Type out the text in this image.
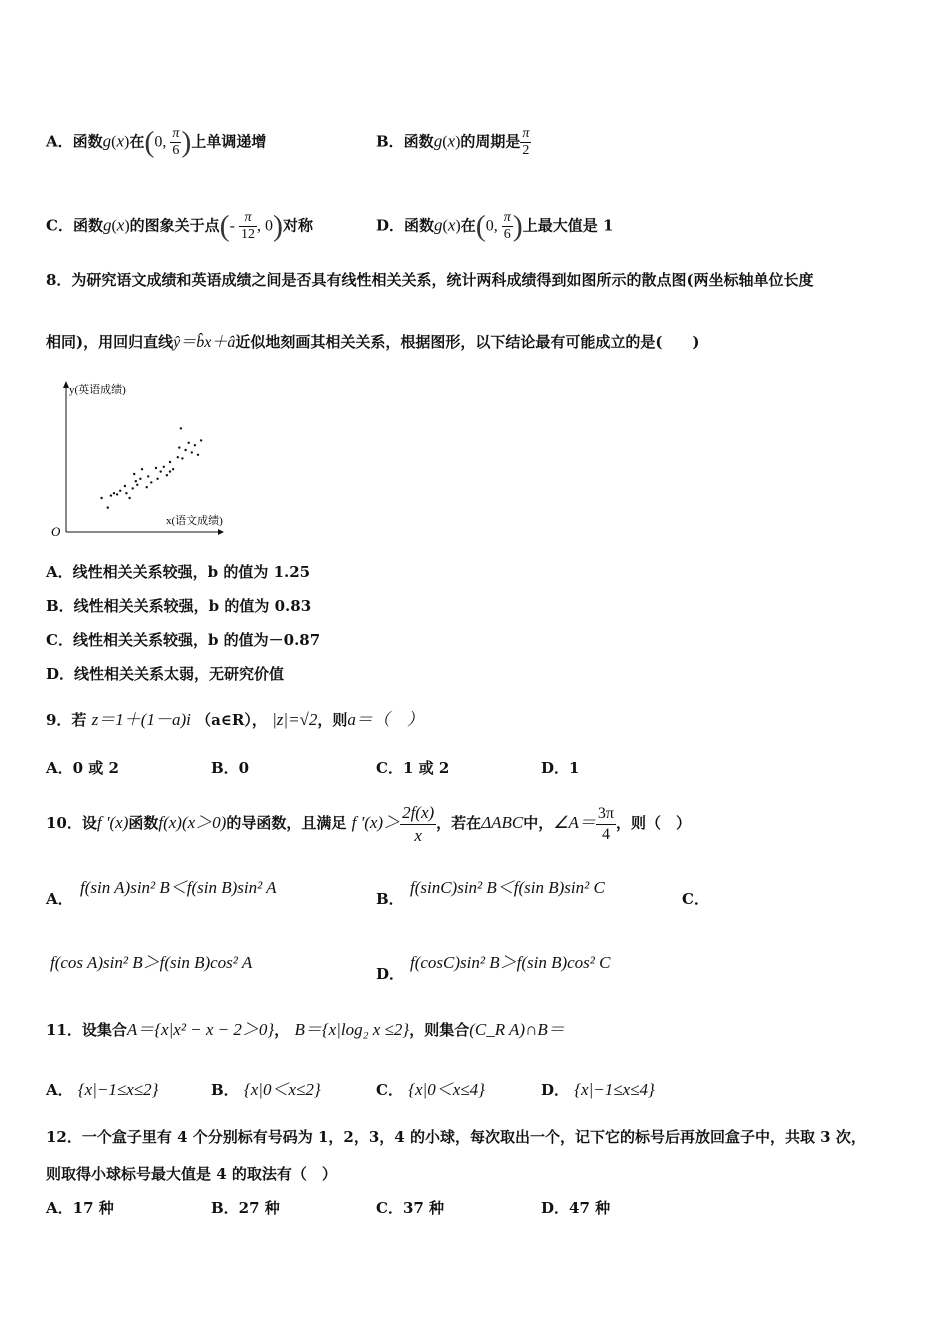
A．函数g(x)在(0, $\frac{\pi}{6}$ )上单调递增	B．函数g(x)的周期是 $\frac{\pi}{2}$
C．函数g(x)的图象关于点(- $\frac{\pi}{12}$ , 0)对称	D．函数g(x)在(0, $\frac{\pi}{6}$ )上最大值是 1
8．为研究语文成绩和英语成绩之间是否具有线性相关关系，统计两科成绩得到如图所示的散点图(两坐标轴单位长度
相同)，用回归直线ŷ＝b̂x＋â近似地刻画其相关关系，根据图形，以下结论最有可能成立的是(　　)
y(英语成绩)
x(语文成绩)
O
A．线性相关关系较强，b 的值为 1.25
B．线性相关关系较强，b 的值为 0.83
C．线性相关关系较强，b 的值为－0.87
D．线性相关关系太弱，无研究价值
9．若 z＝1＋(1－a)i （a∈R）， |z|=√2，则a＝（　）
A．0 或 2	B．0	C．1 或 2	D．1
10．设f '(x)函数f(x)(x＞0)的导函数，且满足 f '$(x)> \frac{2f(x)}{x}$ ，若在ΔABC中，∠A＝ $\frac{3\pi}{4}$ ，则（　）
A．
f(sin A)sin² B＜f(sin B)sin² A
B．
f(sinC)sin² B＜f(sin B)sin² C
C．
f(cos A)sin² B＞f(sin B)cos² A
D．
f(cosC)sin² B＞f(sin B)cos² C
11．设集合A＝{x|x² − x − 2＞0}， B＝{x|log₂ x ≤2}，则集合(C_R A)∩B＝
A． {x|−1≤x≤2}	B． {x|0＜x≤2}	C． {x|0＜x≤4}	D． {x|−1≤x≤4}
12．一个盒子里有 4 个分别标有号码为 1，2，3，4 的小球，每次取出一个，记下它的标号后再放回盒子中，共取 3 次，
则取得小球标号最大值是 4 的取法有（　）
A．17 种	B．27 种	C．37 种	D．47 种
